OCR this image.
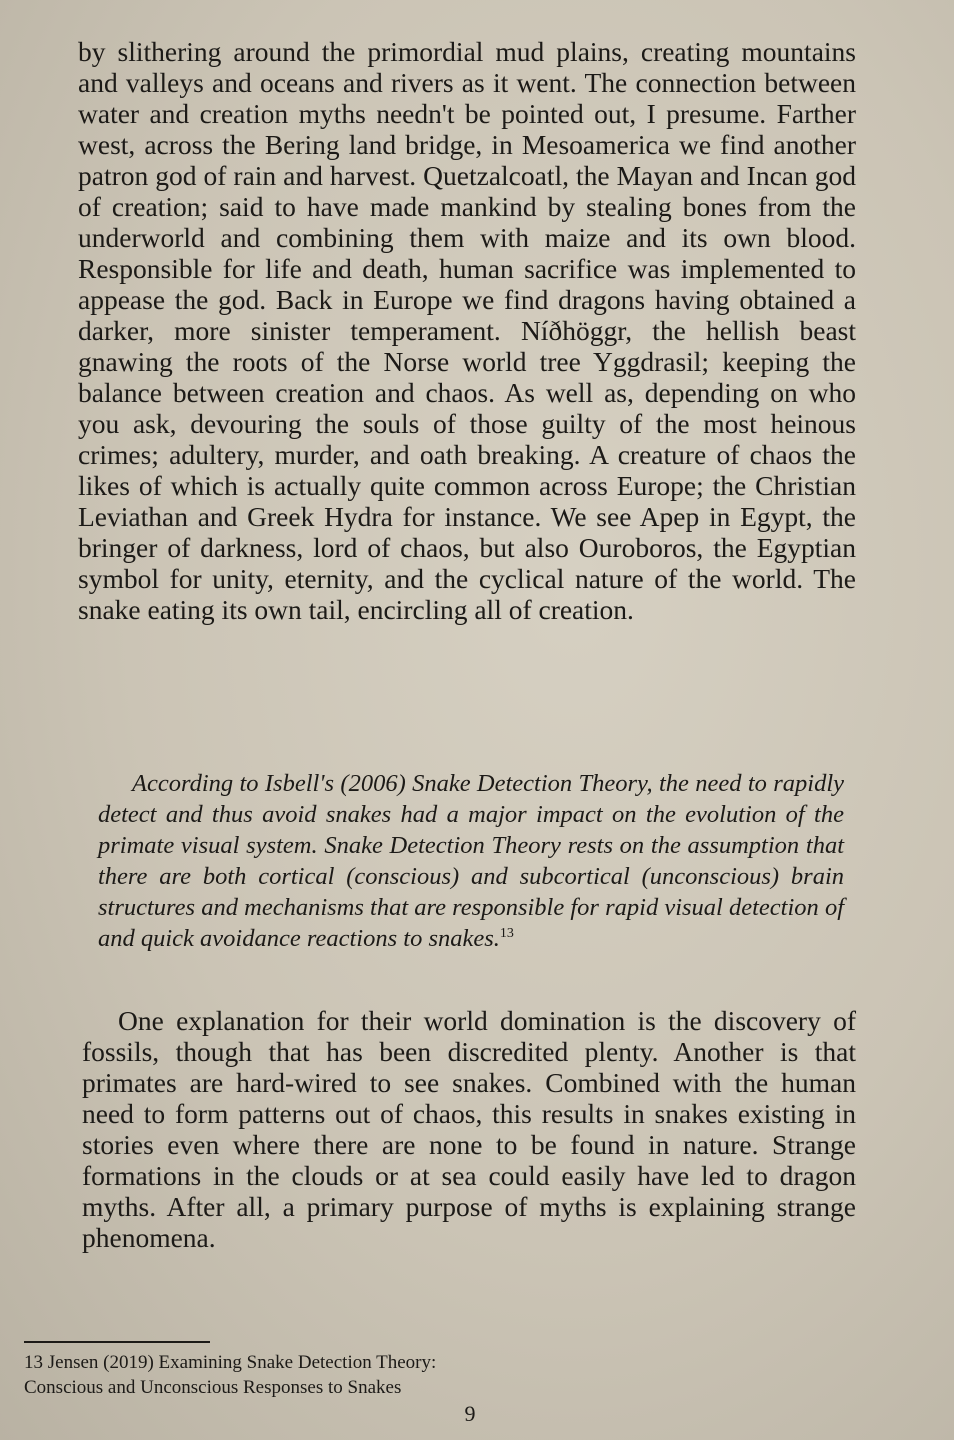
by slithering around the primordial mud plains, creating mountains and valleys and oceans and rivers as it went. The connection between water and creation myths needn't be pointed out, I presume. Farther west, across the Bering land bridge, in Mesoamerica we find another patron god of rain and harvest. Quetzalcoatl, the Mayan and Incan god of creation; said to have made mankind by stealing bones from the underworld and combining them with maize and its own blood. Responsible for life and death, human sacrifice was implemented to appease the god. Back in Europe we find dragons having obtained a darker, more sinister temperament. Níðhöggr, the hellish beast gnawing the roots of the Norse world tree Yggdrasil; keeping the balance between creation and chaos. As well as, depending on who you ask, devouring the souls of those guilty of the most heinous crimes; adultery, murder, and oath breaking. A creature of chaos the likes of which is actually quite common across Europe; the Christian Leviathan and Greek Hydra for instance. We see Apep in Egypt, the bringer of darkness, lord of chaos, but also Ouroboros, the Egyptian symbol for unity, eternity, and the cyclical nature of the world. The snake eating its own tail, encircling all of creation.

According to Isbell's (2006) Snake Detection Theory, the need to rapidly detect and thus avoid snakes had a major impact on the evolution of the primate visual system. Snake Detection Theory rests on the assumption that there are both cortical (conscious) and subcortical (unconscious) brain structures and mechanisms that are responsible for rapid visual detection of and quick avoidance reactions to snakes.$^{13}$

One explanation for their world domination is the discovery of fossils, though that has been discredited plenty. Another is that primates are hard-wired to see snakes. Combined with the human need to form patterns out of chaos, this results in snakes existing in stories even where there are none to be found in nature. Strange formations in the clouds or at sea could easily have led to dragon myths. After all, a primary purpose of myths is explaining strange phenomena.

13 Jensen (2019) Examining Snake Detection Theory:
Conscious and Unconscious Responses to Snakes

9
